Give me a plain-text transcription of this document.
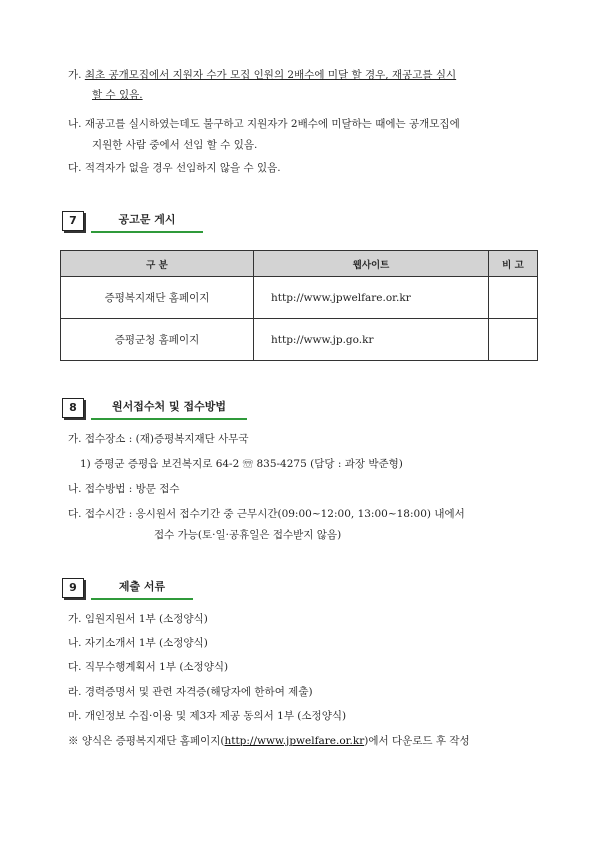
가. 최초 공개모집에서 지원자 수가 모집 인원의 2배수에 미달 할 경우, 재공고를 실시
할 수 있음.
나. 재공고를 실시하였는데도 불구하고 지원자가 2배수에 미달하는 때에는 공개모집에
지원한 사람 중에서 선임 할 수 있음.
다. 적격자가 없을 경우 선임하지 않을 수 있음.
7	공고문 게시
구 분	웹사이트	비 고
증평복지재단 홈페이지	http://www.jpwelfare.or.kr	
증평군청 홈페이지	http://www.jp.go.kr	
8	원서접수처 및 접수방법
가. 접수장소 : (재)증평복지재단 사무국
1) 증평군 증평읍 보건복지로 64-2 ☏ 835-4275 (담당 : 과장 박준형)
나. 접수방법 : 방문 접수
다. 접수시간 : 응시원서 접수기간 중 근무시간(09:00~12:00, 13:00~18:00) 내에서
접수 가능(토·일·공휴일은 접수받지 않음)
9	제출 서류
가. 임원지원서 1부 (소정양식)
나. 자기소개서 1부 (소정양식)
다. 직무수행계획서 1부 (소정양식)
라. 경력증명서 및 관련 자격증(해당자에 한하여 제출)
마. 개인정보 수집·이용 및 제3자 제공 동의서 1부 (소정양식)
※ 양식은 증평복지재단 홈페이지(http://www.jpwelfare.or.kr)에서 다운로드 후 작성
